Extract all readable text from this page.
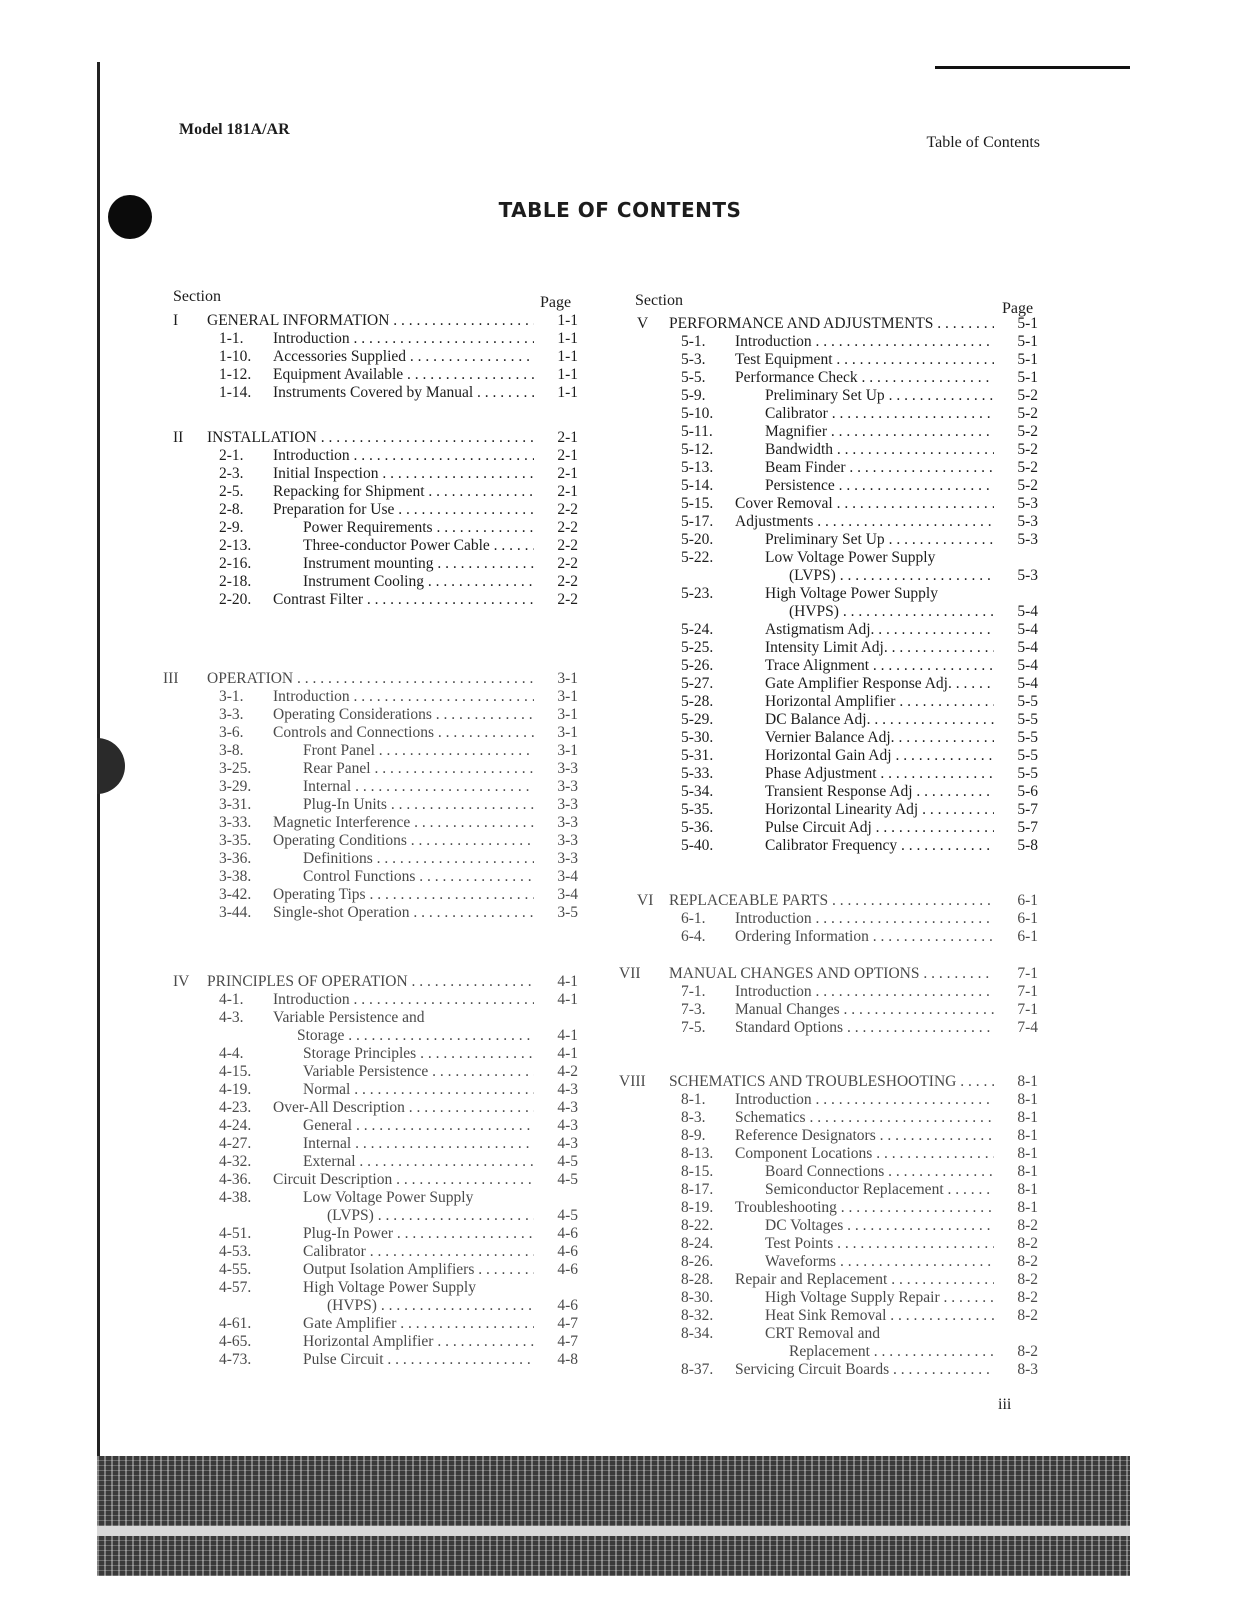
Model 181A/AR
Table of Contents
TABLE OF CONTENTS
Section	Page	Section	Page
I GENERAL INFORMATION . . .	1-1
1-1. Introduction . . .	1-1
1-10. Accessories Supplied . . .	1-1
1-12. Equipment Available . . .	1-1
1-14. Instruments Covered by Manual . . .	1-1
II INSTALLATION . . .	2-1
2-1. Introduction . . .	2-1
2-3. Initial Inspection . . .	2-1
2-5. Repacking for Shipment . . .	2-1
2-8. Preparation for Use . . .	2-2
2-9.	Power Requirements . . .	2-2
2-13.	Three-conductor Power Cable . . .	2-2
2-16.	Instrument mounting . . .	2-2
2-18.	Instrument Cooling . . .	2-2
2-20. Contrast Filter . . .	2-2
III OPERATION . . .	3-1
3-1. Introduction . . .	3-1
3-3. Operating Considerations . . .	3-1
3-6. Controls and Connections . . .	3-1
3-8.	Front Panel . . .	3-1
3-25.	Rear Panel . . .	3-3
3-29.	Internal . . .	3-3
3-31.	Plug-In Units . . .	3-3
3-33. Magnetic Interference . . .	3-3
3-35. Operating Conditions . . .	3-3
3-36.	Definitions . . .	3-3
3-38.	Control Functions . . .	3-4
3-42. Operating Tips . . .	3-4
3-44. Single-shot Operation . . .	3-5
IV PRINCIPLES OF OPERATION . . .	4-1
4-1. Introduction . . .	4-1
4-3. Variable Persistence and
Storage . . .	4-1
4-4.	Storage Principles . . .	4-1
4-15.	Variable Persistence . . .	4-2
4-19.	Normal . . .	4-3
4-23. Over-All Description . . .	4-3
4-24.	General . . .	4-3
4-27.	Internal . . .	4-3
4-32.	External . . .	4-5
4-36. Circuit Description . . .	4-5
4-38.	Low Voltage Power Supply
(LVPS) . . .	4-5
4-51.	Plug-In Power . . .	4-6
4-53.	Calibrator . . .	4-6
4-55.	Output Isolation Amplifiers . . .	4-6
4-57.	High Voltage Power Supply
(HVPS) . . .	4-6
4-61.	Gate Amplifier . . .	4-7
4-65.	Horizontal Amplifier . . .	4-7
4-73.	Pulse Circuit . . .	4-8
V PERFORMANCE AND ADJUSTMENTS . . .	5-1
5-1. Introduction . . .	5-1
5-3. Test Equipment . . .	5-1
5-5. Performance Check . . .	5-1
5-9.	Preliminary Set Up . . .	5-2
5-10.	Calibrator . . .	5-2
5-11.	Magnifier . . .	5-2
5-12.	Bandwidth . . .	5-2
5-13.	Beam Finder . . .	5-2
5-14.	Persistence . . .	5-2
5-15. Cover Removal . . .	5-3
5-17. Adjustments . . .	5-3
5-20.	Preliminary Set Up . . .	5-3
5-22.	Low Voltage Power Supply
(LVPS) . . .	5-3
5-23.	High Voltage Power Supply
(HVPS) . . .	5-4
5-24.	Astigmatism Adj. . . .	5-4
5-25.	Intensity Limit Adj. . . .	5-4
5-26.	Trace Alignment . . .	5-4
5-27.	Gate Amplifier Response Adj. . . .	5-4
5-28.	Horizontal Amplifier . . .	5-5
5-29.	DC Balance Adj. . . .	5-5
5-30.	Vernier Balance Adj. . . .	5-5
5-31.	Horizontal Gain Adj . . .	5-5
5-33.	Phase Adjustment . . .	5-5
5-34.	Transient Response Adj . . .	5-6
5-35.	Horizontal Linearity Adj . . .	5-7
5-36.	Pulse Circuit Adj . . .	5-7
5-40.	Calibrator Frequency . . .	5-8
VI REPLACEABLE PARTS . . .	6-1
6-1. Introduction . . .	6-1
6-4. Ordering Information . . .	6-1
VII MANUAL CHANGES AND OPTIONS . . .	7-1
7-1. Introduction . . .	7-1
7-3. Manual Changes . . .	7-1
7-5. Standard Options . . .	7-4
VIII SCHEMATICS AND TROUBLESHOOTING . . .	8-1
8-1. Introduction . . .	8-1
8-3. Schematics . . .	8-1
8-9. Reference Designators . . .	8-1
8-13. Component Locations . . .	8-1
8-15.	Board Connections . . .	8-1
8-17.	Semiconductor Replacement . . .	8-1
8-19. Troubleshooting . . .	8-1
8-22.	DC Voltages . . .	8-2
8-24.	Test Points . . .	8-2
8-26.	Waveforms . . .	8-2
8-28. Repair and Replacement . . .	8-2
8-30.	High Voltage Supply Repair . . .	8-2
8-32.	Heat Sink Removal . . .	8-2
8-34.	CRT Removal and
Replacement . . .	8-2
8-37. Servicing Circuit Boards . . .	8-3
iii
